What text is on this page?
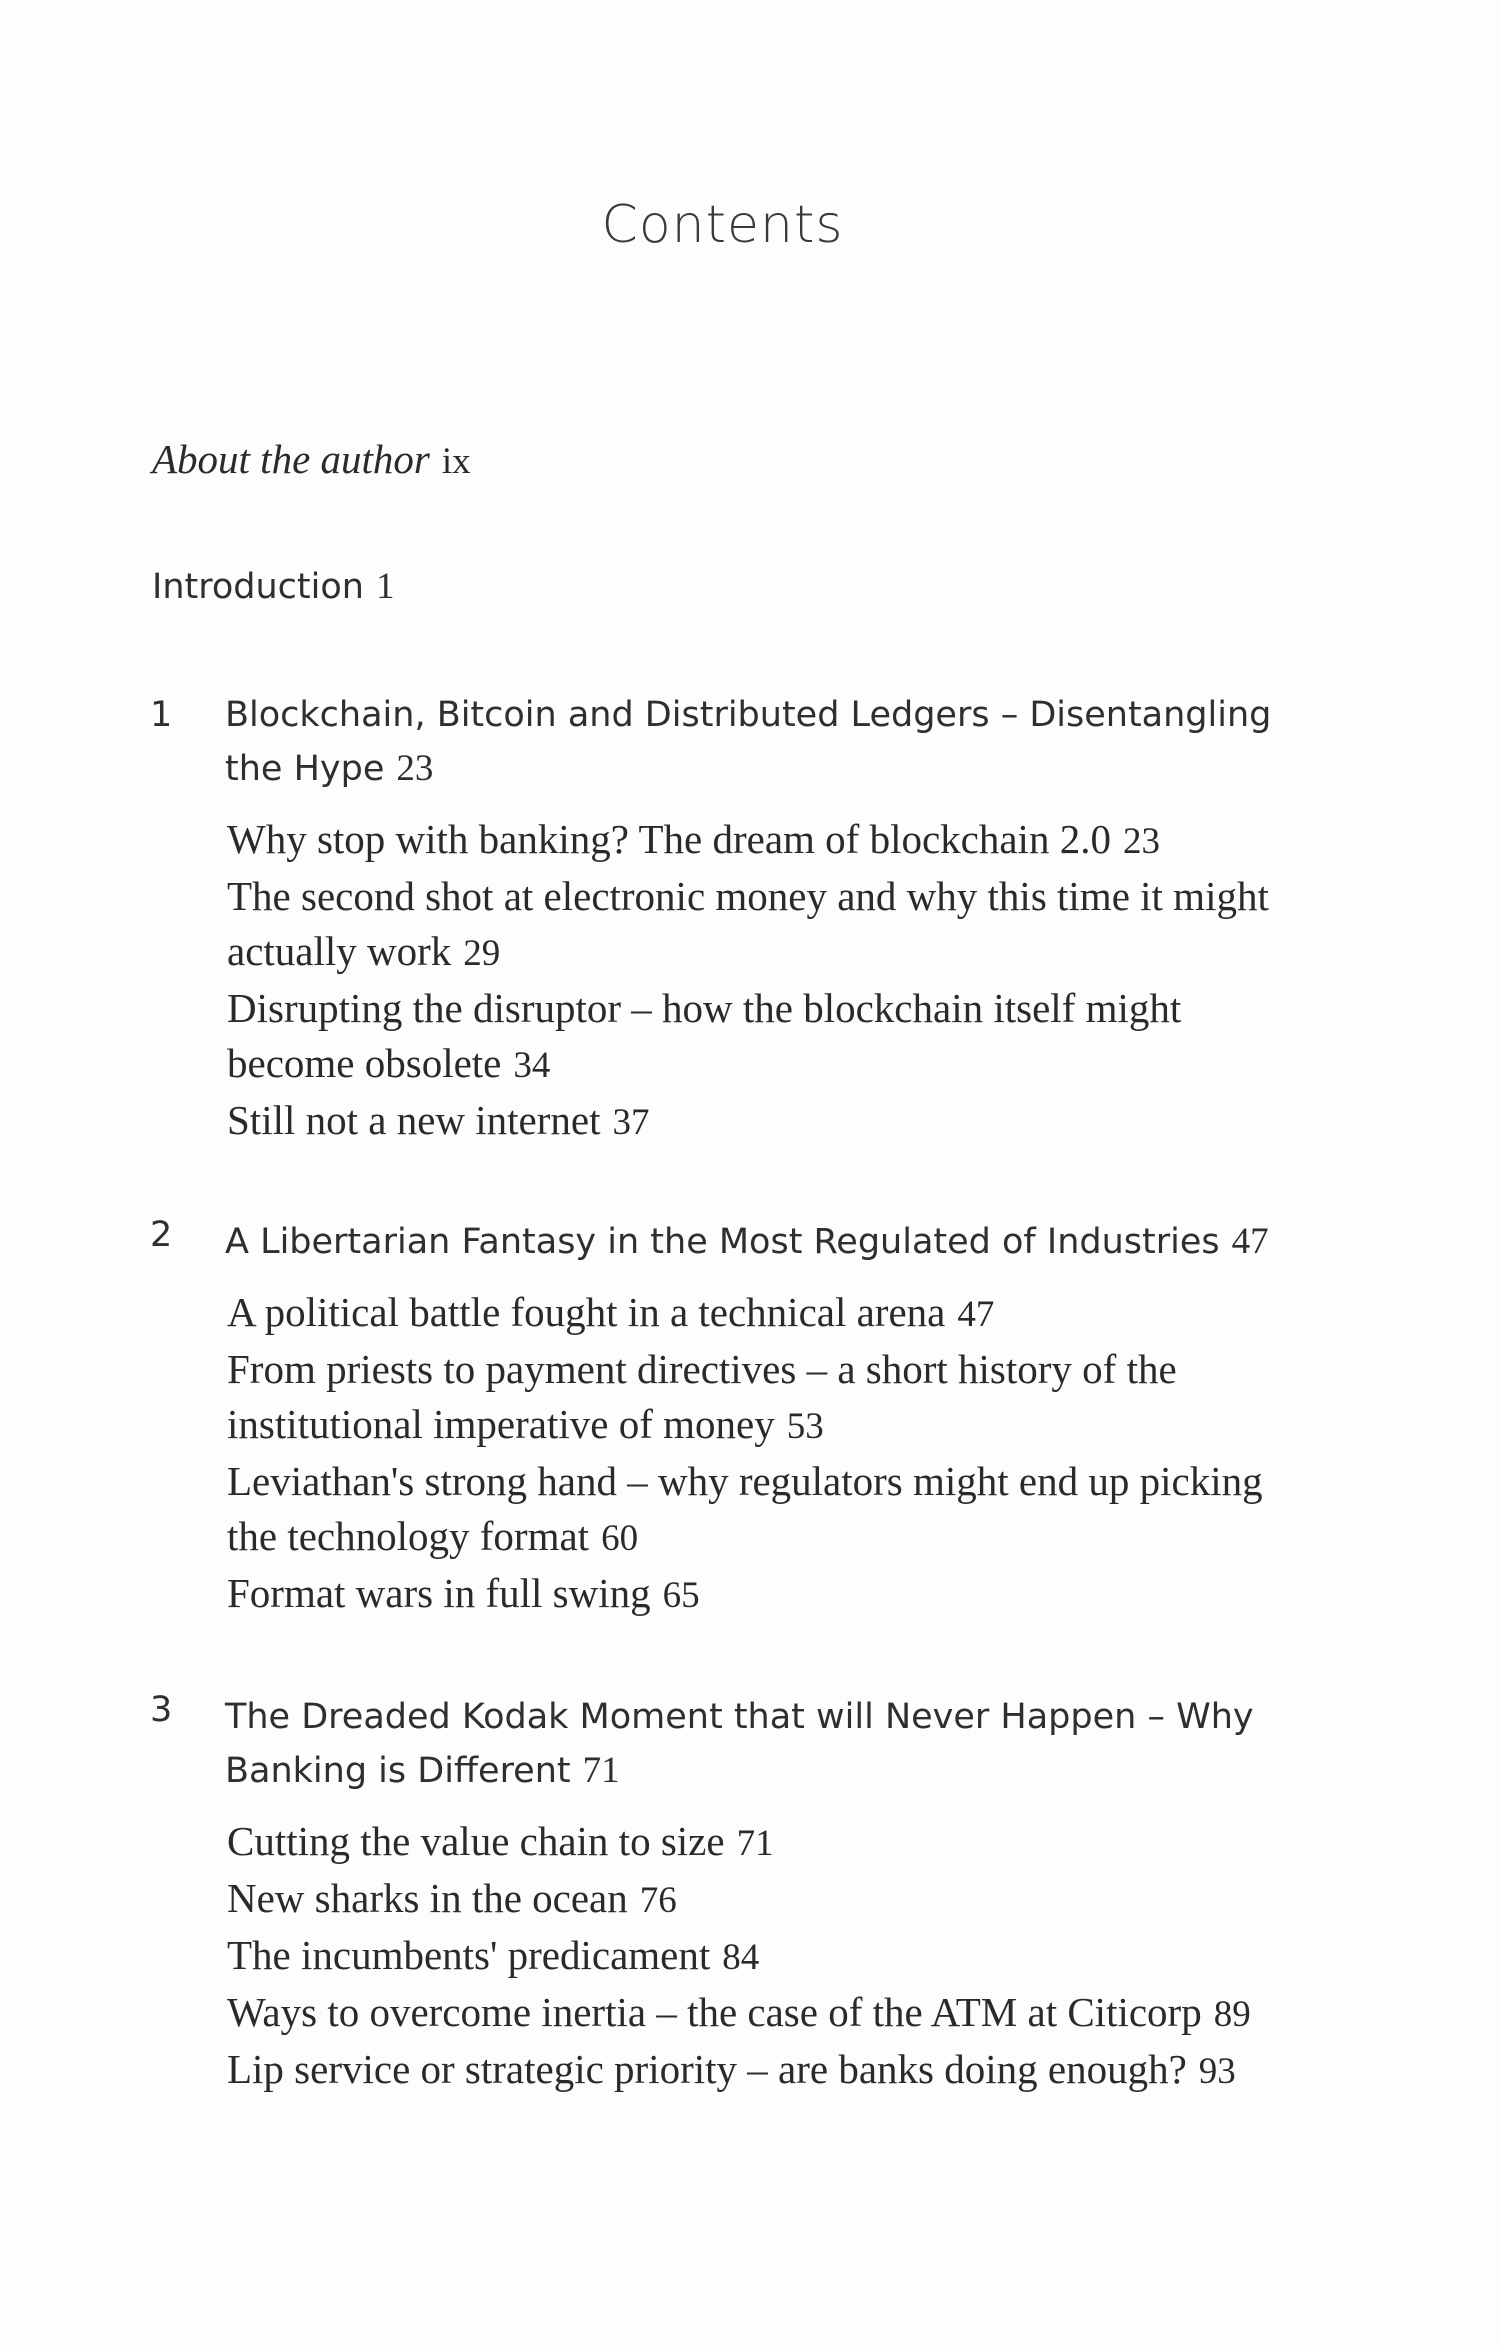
Contents
About the author ix
Introduction 1
1	Blockchain, Bitcoin and Distributed Ledgers – Disentangling the Hype 23
Why stop with banking? The dream of blockchain 2.0 23
The second shot at electronic money and why this time it might actually work 29
Disrupting the disruptor – how the blockchain itself might become obsolete 34
Still not a new internet 37
2	A Libertarian Fantasy in the Most Regulated of Industries 47
A political battle fought in a technical arena 47
From priests to payment directives – a short history of the institutional imperative of money 53
Leviathan's strong hand – why regulators might end up picking the technology format 60
Format wars in full swing 65
3	The Dreaded Kodak Moment that will Never Happen – Why Banking is Different 71
Cutting the value chain to size 71
New sharks in the ocean 76
The incumbents' predicament 84
Ways to overcome inertia – the case of the ATM at Citicorp 89
Lip service or strategic priority – are banks doing enough? 93
